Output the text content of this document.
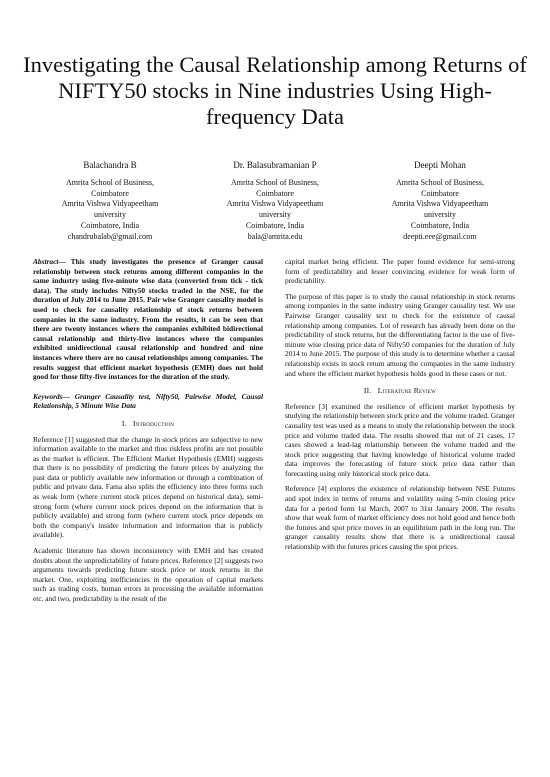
Investigating the Causal Relationship among Returns of NIFTY50 stocks in Nine industries Using High-frequency Data
Balachandra B
Amrita School of Business,
Coimbatore
Amrita Vishwa Vidyapeetham
university
Coimbatore, India
chandrubalab@gmail.com
Dr. Balasubramanian P
Amrita School of Business,
Coimbatore
Amrita Vishwa Vidyapeetham
university
Coimbatore, India
bala@amrita.edu
Deepti Mohan
Amrita School of Business,
Coimbatore
Amrita Vishwa Vidyapeetham
university
Coimbatore, India
deepti.eee@gmail.com

Abstract— This study investigates the presence of Granger causal relationship between stock returns among different companies in the same industry using five-minute wise data (converted from tick - tick data). The study includes Nifty50 stocks traded in the NSE, for the duration of July 2014 to June 2015. Pair wise Granger causality model is used to check for causality relationship of stock returns between companies in the same industry. From the results, it can be seen that there are twenty instances where the companies exhibited bidirectional causal relationship and thirty-five instances where the companies exhibited unidirectional causal relationship and hundred and nine instances where there are no causal relationships among companies. The results suggest that efficient market hypothesis (EMH) does not hold good for those fifty-five instances for the duration of the study.

Keywords— Granger Causality test, Nifty50, Pairwise Model, Causal Relationship, 5 Minute Wise Data

I. Introduction

Reference [1] suggested that the change in stock prices are subjective to new information available to the market and thus riskless profits are not possible as the market is efficient. The Efficient Market Hypothesis (EMH) suggests that there is no possibility of predicting the future prices by analyzing the past data or publicly available new information or through a combination of public and private data. Fama also splits the efficiency into three forms such as weak form (where current stock prices depend on historical data), semi-strong form (where current stock prices depend on the information that is publicly available) and strong form (where current stock price depends on both the company's insider information and information that is publicly available).

Academic literature has shown inconsistency with EMH and has created doubts about the unpredictability of future prices. Reference [2] suggests two arguments towards predicting future stock price or stock returns in the market. One, exploiting inefficiencies in the operation of capital markets such as trading costs, human errors in processing the available information etc. and two, predictability is the result of the

capital market being efficient. The paper found evidence for semi-strong form of predictability and lesser convincing evidence for weak form of predictability.

The purpose of this paper is to study the causal relationship in stock returns among companies in the same industry using Granger causality test. We use Pairwise Granger causality test to check for the existence of causal relationship among companies. Lot of research has already been done on the predictability of stock returns, but the differentiating factor is the use of five-minute wise closing price data of Nifty50 companies for the duration of July 2014 to June 2015. The purpose of this study is to determine whether a causal relationship exists in stock return among the companies in the same industry and where the efficient market hypothesis holds good in these cases or not.

II. Literature Review

Reference [3] examined the resilience of efficient market hypothesis by studying the relationship between stock price and the volume traded. Granger causality test was used as a means to study the relationship between the stock price and volume traded data. The results showed that out of 21 cases, 17 cases showed a lead-lag relationship between the volume traded and the stock price suggesting that having knowledge of historical volume traded data improves the forecasting of future stock price data rather than forecasting using only historical stock price data.

Reference [4] explores the existence of relationship between NSE Futures and spot index in terms of returns and volatility using 5-min closing price data for a period form 1st March, 2007 to 31st January 2008. The results show that weak form of market efficiency does not hold good and hence both the futures and spot price moves in an equilibrium path in the long run. The granger causality results show that there is a unidirectional causal relationship with the futures prices causing the spot prices.
